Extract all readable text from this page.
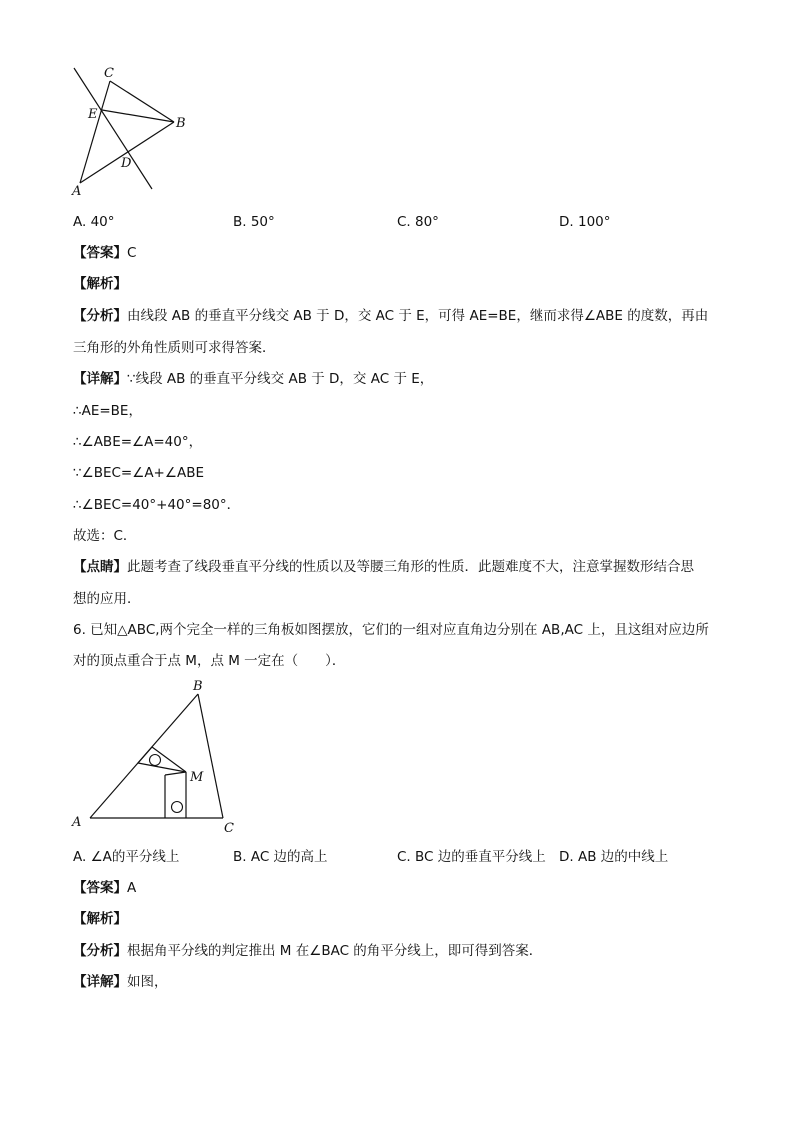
C
E
B
D
A
A. 40°	B. 50°	C. 80°	D. 100°
【答案】C
【解析】
【分析】由线段 AB 的垂直平分线交 AB 于 D，交 AC 于 E，可得 AE=BE，继而求得∠ABE 的度数，再由
三角形的外角性质则可求得答案．
【详解】∵线段 AB 的垂直平分线交 AB 于 D，交 AC 于 E，
∴AE=BE，
∴∠ABE=∠A=40°，
∵∠BEC=∠A+∠ABE
∴∠BEC=40°+40°=80°．
故选：C．
【点睛】此题考查了线段垂直平分线的性质以及等腰三角形的性质．此题难度不大，注意掌握数形结合思
想的应用．
6. 已知△ABC,两个完全一样的三角板如图摆放，它们的一组对应直角边分别在 AB,AC 上，且这组对应边所
对的顶点重合于点 M，点 M 一定在（　　）．
B
M
A	C
A. ∠A的平分线上	B. AC 边的高上	C. BC 边的垂直平分线上 D. AB 边的中线上
【答案】A
【解析】
【分析】根据角平分线的判定推出 M 在∠BAC 的角平分线上，即可得到答案．
【详解】如图，
